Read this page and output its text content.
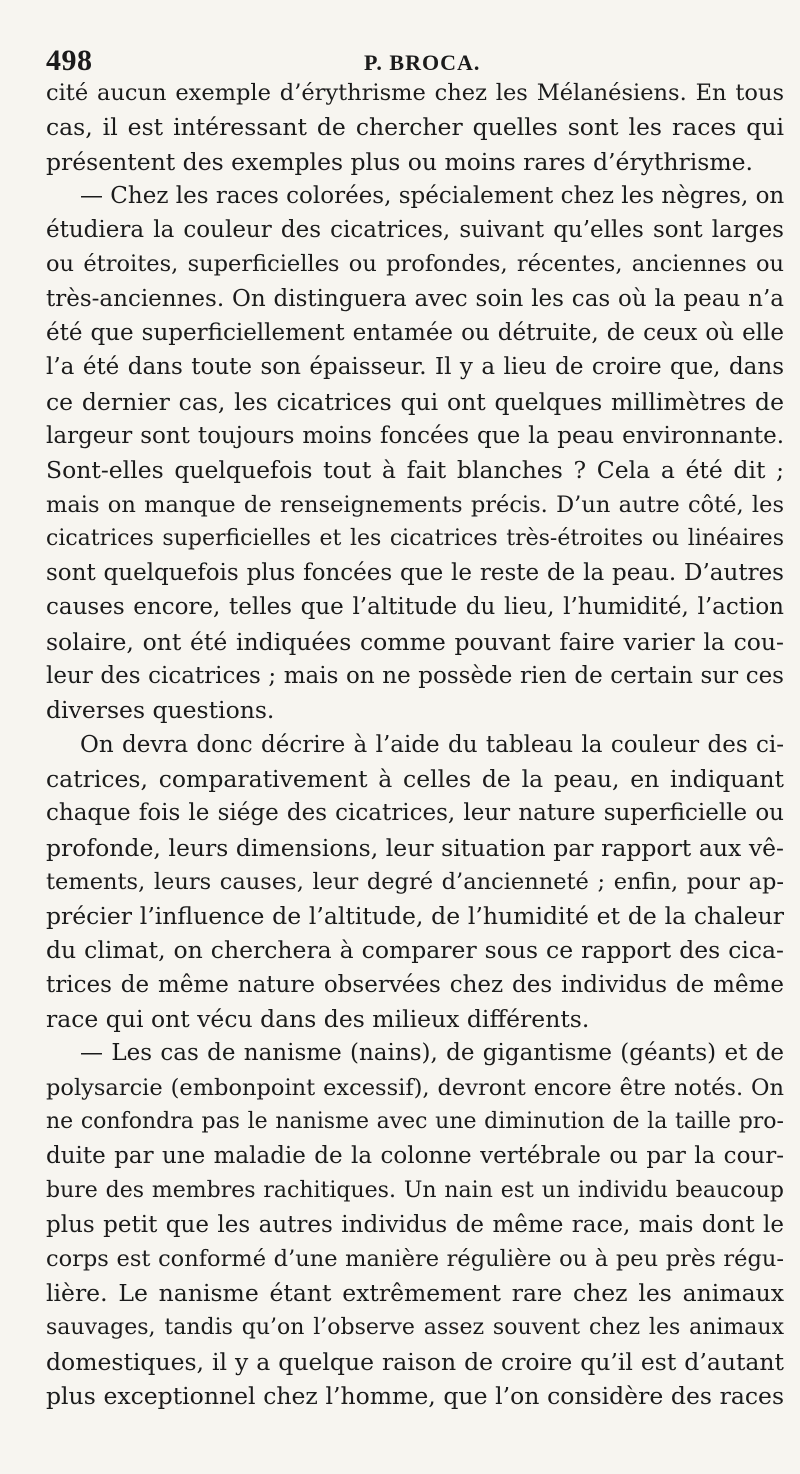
498	P. BROCA.
cité aucun exemple d’érythrisme chez les Mélanésiens. En tous
cas, il est intéressant de chercher quelles sont les races qui
présentent des exemples plus ou moins rares d’érythrisme.
— Chez les races colorées, spécialement chez les nègres, on
étudiera la couleur des cicatrices, suivant qu’elles sont larges
ou étroites, superficielles ou profondes, récentes, anciennes ou
très-anciennes. On distinguera avec soin les cas où la peau n’a
été que superficiellement entamée ou détruite, de ceux où elle
l’a été dans toute son épaisseur. Il y a lieu de croire que, dans
ce dernier cas, les cicatrices qui ont quelques millimètres de
largeur sont toujours moins foncées que la peau environnante.
Sont-elles quelquefois tout à fait blanches ? Cela a été dit ;
mais on manque de renseignements précis. D’un autre côté, les
cicatrices superficielles et les cicatrices très-étroites ou linéaires
sont quelquefois plus foncées que le reste de la peau. D’autres
causes encore, telles que l’altitude du lieu, l’humidité, l’action
solaire, ont été indiquées comme pouvant faire varier la cou-
leur des cicatrices ; mais on ne possède rien de certain sur ces
diverses questions.
On devra donc décrire à l’aide du tableau la couleur des ci-
catrices, comparativement à celles de la peau, en indiquant
chaque fois le siége des cicatrices, leur nature superficielle ou
profonde, leurs dimensions, leur situation par rapport aux vê-
tements, leurs causes, leur degré d’ancienneté ; enfin, pour ap-
précier l’influence de l’altitude, de l’humidité et de la chaleur
du climat, on cherchera à comparer sous ce rapport des cica-
trices de même nature observées chez des individus de même
race qui ont vécu dans des milieux différents.
— Les cas de nanisme (nains), de gigantisme (géants) et de
polysarcie (embonpoint excessif), devront encore être notés. On
ne confondra pas le nanisme avec une diminution de la taille pro-
duite par une maladie de la colonne vertébrale ou par la cour-
bure des membres rachitiques. Un nain est un individu beaucoup
plus petit que les autres individus de même race, mais dont le
corps est conformé d’une manière régulière ou à peu près régu-
lière. Le nanisme étant extrêmement rare chez les animaux
sauvages, tandis qu’on l’observe assez souvent chez les animaux
domestiques, il y a quelque raison de croire qu’il est d’autant
plus exceptionnel chez l’homme, que l’on considère des races
